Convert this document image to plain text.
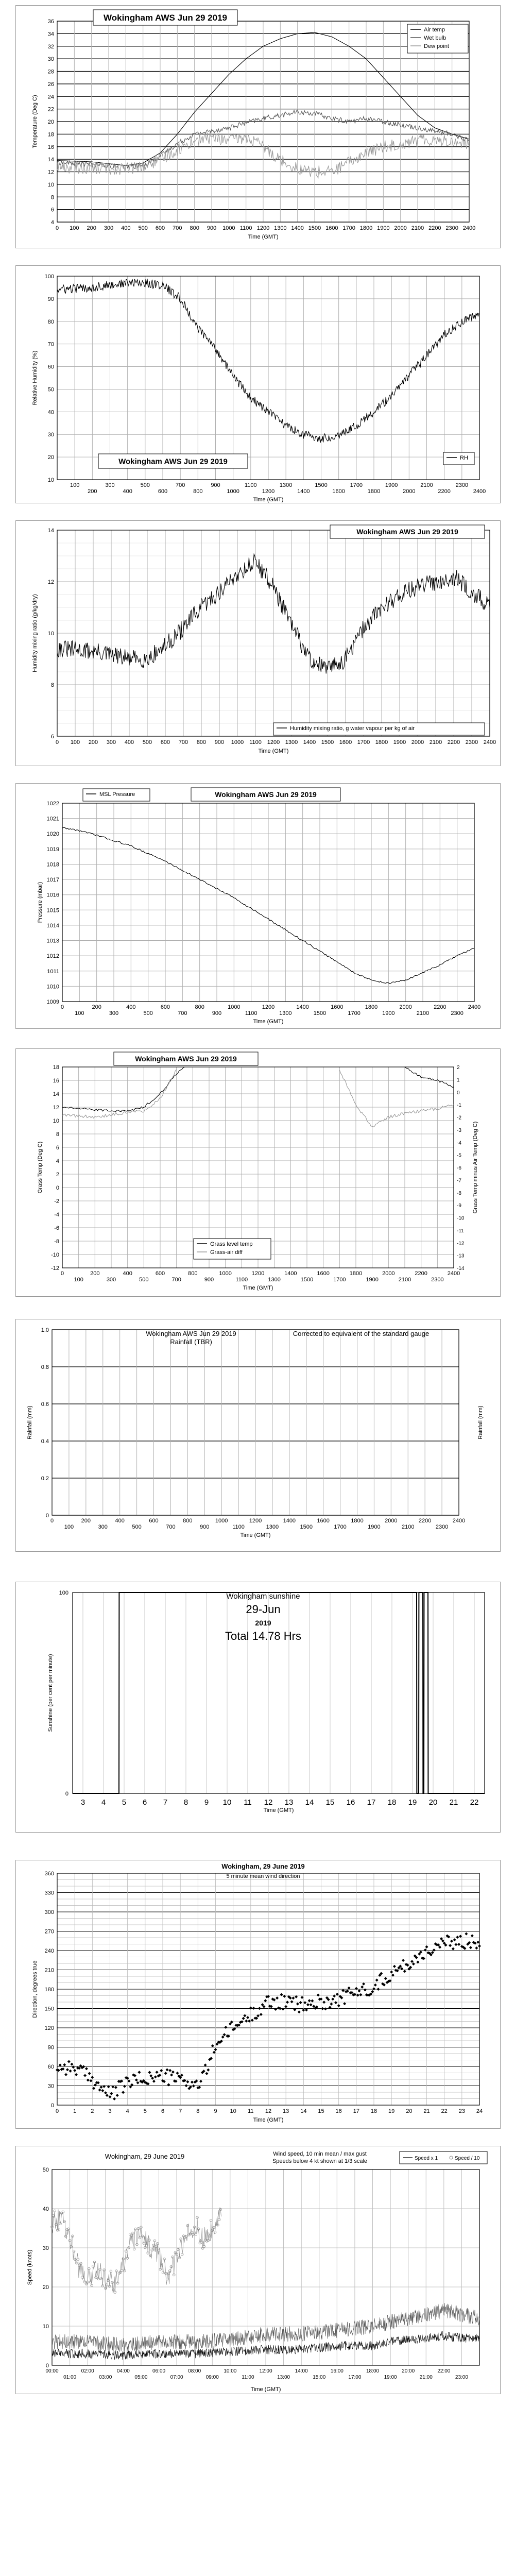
4
6
8
10
12
14
16
18
20
22
24
26
28
30
32
34
36
0 100 200 300 400 500 600 700 800 900 1000 1100 1200 1300 1400 1500 1600 1700 1800 1900 2000 2100 2200 2300 2400
Time (GMT)
Temperature (Deg C)
Wokingham AWS Jun 29 2019
Air temp
Wet bulb
Dew point
10
20
30
40
50
60
70
80
90
100
100
200
300
400
500
600
700
800
900
1000
1100
1200
1300
1400
1500
1600
1700
1800
1900
2000
2100
2200
2300
2400
Time (GMT)
Relative Humidity (%)
Wokingham AWS Jun 29 2019	RH
6
8
10
12
14
0 100 200 300 400 500 600 700 800 900 1000 1100 1200 1300 1400 1500 1600 1700 1800 1900 2000 2100 2200 2300 2400
Time (GMT)
Humidity mixing ratio (g/kg/dry)
Wokingham AWS Jun 29 2019
Humidity mixing ratio, g water vapour per kg of air
1009
1010
1011
1012
1013
1014
1015
1016
1017
1018
1019
1020
1021
1022
0
100
200
300
400
500
600
700
800
900
1000
1100
1200
1300
1400
1500
1600
1700
1800
1900
2000
2100
2200
2300
2400
Time (GMT)
Pressure (mbar)
MSL Pressure	Wokingham AWS Jun 29 2019
-12
-10
-8
-6
-4
-2
0
2
4
6
8
10
12
14
16
18
0
100
200
300
400
500
600
700
800
900
1000
1100
1200
1300
1400
1500
1600
1700
1800
1900
2000
2100
2200
2300
2400
Time (GMT)
Grass Temp (Deg C)	Grass Temp minus Air Temp (Deg C)
-14
-13
-12
-11
-10
-9
-8
-7
-6
-5
-4
-3
-2
-1
0
1
2
Wokingham AWS Jun 29 2019
Grass level temp
Grass-air diff
0
0.2
0.4
0.6
0.8
1.0
0
100
200
300
400
500
600
700
800
900
1000
1100
1200
1300
1400
1500
1600
1700
1800
1900
2000
2100
2200
2300
2400
Time (GMT)
Rainfall (mm)	Rainfall (mm)
Wokingham AWS Jun 29 2019
Rainfall (TBR)
Corrected to equivalent of the standard gauge
3 4 5 6 7 8 9 10 11 12 13 14 15 16 17 18 19 20 21 22
0
100
Time (GMT)
Sunshine (per cent per minute)
Wokingham sunshine
29-Jun
2019
Total 14.78 Hrs
0
30
60
90
120
150
180
210
240
270
300
330
360
0	1	2	3	4	5	6	7	8	9 10 11 12 13 14 15 16 17 18 19 20 21 22 23 24
Time (GMT)
Direction, degrees true
Wokingham, 29 June 2019
5 minute mean wind direction
0
10
20
30
40
50
00:00	02:00	04:00	06:00	08:00	10:00	12:00	14:00	16:00	18:00	20:00	22:00
01:00	03:00	05:00	07:00	09:00	11:00	13:00	15:00	17:00	19:00	21:00	23:00
Time (GMT)
Speed (knots)
Wokingham, 29 June 2019	Wind speed, 10 min mean / max gust
Speeds below 4 kt shown at 1/3 scale	Speed x 1	Speed / 10
